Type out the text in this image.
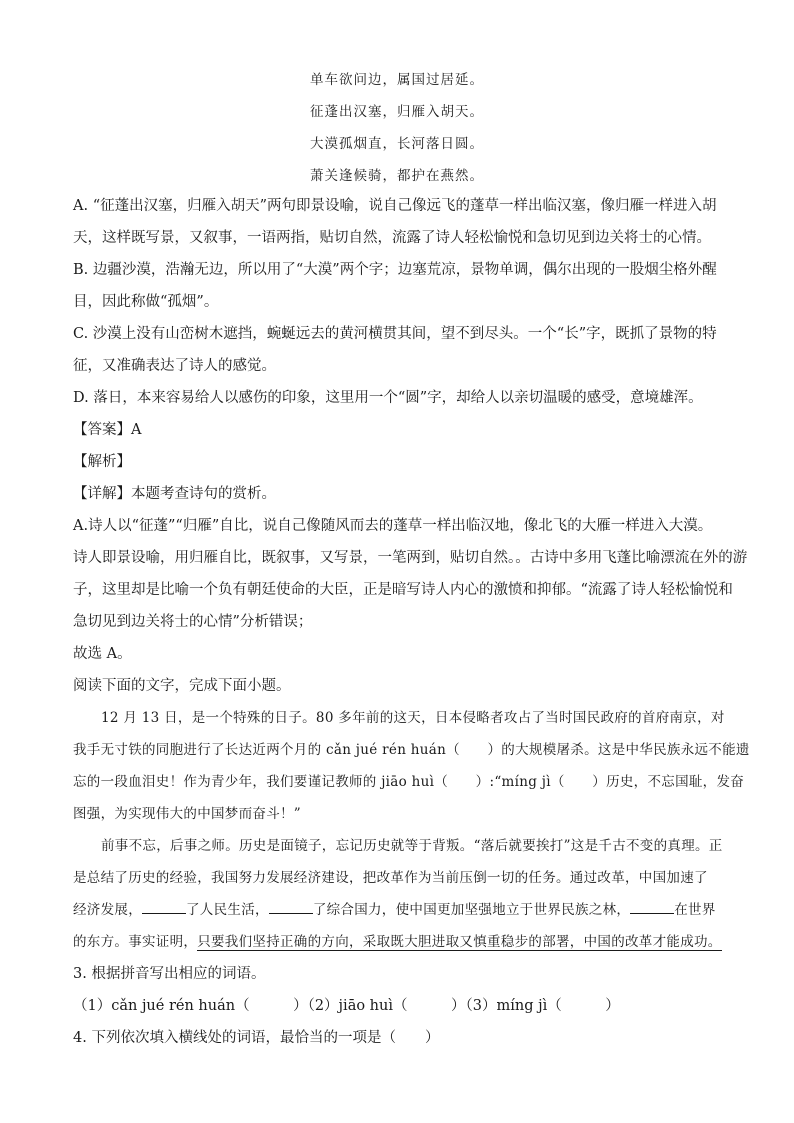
单车欲问边，属国过居延。
征蓬出汉塞，归雁入胡天。
大漠孤烟直，长河落日圆。
萧关逢候骑，都护在燕然。
A. “征蓬出汉塞，归雁入胡天”两句即景设喻，说自己像远飞的蓬草一样出临汉塞，像归雁一样进入胡
天，这样既写景，又叙事，一语两指，贴切自然，流露了诗人轻松愉悦和急切见到边关将士的心情。
B. 边疆沙漠，浩瀚无边，所以用了“大漠”两个字；边塞荒凉，景物单调，偶尔出现的一股烟尘格外醒
目，因此称做“孤烟”。
C. 沙漠上没有山峦树木遮挡，蜿蜒远去的黄河横贯其间，望不到尽头。一个“长”字，既抓了景物的特
征，又准确表达了诗人的感觉。
D. 落日，本来容易给人以感伤的印象，这里用一个“圆”字，却给人以亲切温暖的感受，意境雄浑。
【答案】A
【解析】
【详解】本题考查诗句的赏析。
A.诗人以“征蓬”“归雁”自比，说自己像随风而去的蓬草一样出临汉地，像北飞的大雁一样进入大漠。
诗人即景设喻，用归雁自比，既叙事，又写景，一笔两到，贴切自然。。古诗中多用飞蓬比喻漂流在外的游
子，这里却是比喻一个负有朝廷使命的大臣，正是暗写诗人内心的激愤和抑郁。“流露了诗人轻松愉悦和
急切见到边关将士的心情”分析错误；
故选 A。
阅读下面的文字，完成下面小题。
12 月 13 日，是一个特殊的日子。80 多年前的这天，日本侵略者攻占了当时国民政府的首府南京，对
我手无寸铁的同胞进行了长达近两个月的 cǎn jué rén huán（　　）的大规模屠杀。这是中华民族永远不能遗
忘的一段血泪史！作为青少年，我们要谨记教师的 jiāo huì（　　）:“míng jì（　　）历史，不忘国耻，发奋
图强，为实现伟大的中国梦而奋斗！”
前事不忘，后事之师。历史是面镜子，忘记历史就等于背叛。“落后就要挨打”这是千古不变的真理。正
是总结了历史的经验，我国努力发展经济建设，把改革作为当前压倒一切的任务。通过改革，中国加速了
经济发展，	了人民生活，	了综合国力，使中国更加坚强地立于世界民族之林，	在世界
的东方。事实证明，只要我们坚持正确的方向，采取既大胆进取又慎重稳步的部署，中国的改革才能成功。
3. 根据拼音写出相应的词语。
（1）cǎn jué rén huán（　　　）（2）jiāo huì（　　　）（3）míng jì（　　　）
4. 下列依次填入横线处的词语，最恰当的一项是（　　）
